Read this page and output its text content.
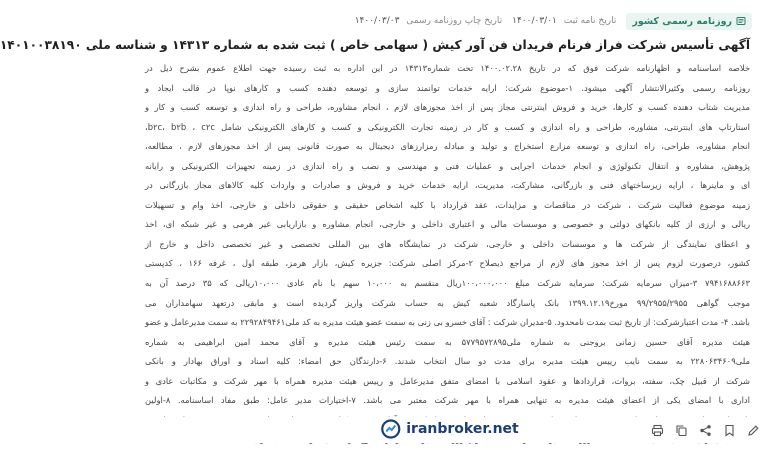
روزنامه رسمی کشور
تاریخ نامه ثبت ۱۴۰۰/۰۳/۰۱
تاریخ چاپ روزنامه رسمی ۱۴۰۰/۰۳/۰۳
آگهی تأسیس شرکت فراز فرنام فریدان فن آور کیش ( سهامی خاص ) ثبت شده به شماره ۱۴۳۱۳ و شناسه ملی ۱۴۰۱۰۰۳۸۱۹۰
خلاصه اساسنامه و اظهارنامه شرکت فوق که در تاریخ ۱۴۰۰.۰۲.۲۸ تحت شماره۱۴۳۱۳ در این اداره به ثبت رسیده جهت اطلاع عموم بشرح ذیل در
روزنامه رسمی وکثیرالانتشار آگهی میشود. ۱-موضوع شرکت: ارایه خدمات توانمند سازی و توسعه دهنده کسب و کارهای نوپا در قالب ایجاد و
مدیریت شتاب دهنده کسب و کارها، خرید و فروش اینترنتی مجاز پس از اخذ مجوزهای لازم ، انجام مشاوره، طراحی و راه اندازی و توسعه کسب و کار و
استارتاپ های اینترنتی، مشاوره، طراحی و راه اندازی و کسب و کار در زمینه تجارت الکترونیکی و کسب و کارهای الکترونیکی شامل b۲c، b۲b ، c۲c،
انجام مشاوره، طراحی، راه اندازی و توسعه مزارع استخراج و تولید و مبادله رمزارزهای دیجیتال به صورت قانونی پس از اخذ مجوزهای لازم ، مطالعه،
پژوهش، مشاوره و انتقال تکنولوژی و انجام خدمات اجرایی و عملیات فنی و مهندسی و نصب و راه اندازی در زمینه تجهیزات الکترونیکی و رایانه
ای و ماینرها ، ارایه زیرساختهای فنی و بازرگانی، مشارکت، مدیریت، ارایه خدمات خرید و فروش و صادرات و واردات کلیه کالاهای مجاز بازرگانی در
زمینه موضوع فعالیت شرکت ، شرکت در مناقصات و مزایدات، عقد قرارداد با کلیه اشخاص حقیقی و حقوقی داخلی و خارجی، اخذ وام و تسهیلات
ریالی و ارزی از کلیه بانکهای دولتی و خصوصی و موسسات مالی و اعتباری داخلی و خارجی، انجام مشاوره و بازاریابی غیر هرمی و غیر شبکه ای، اخذ
و اعطای نمایندگی از شرکت ها و موسسات داخلی و خارجی، شرکت در نمایشگاه های بین المللی تخصصی و غیر تخصصی داخل و خارج از
کشور، درصورت لزوم پس از اخذ مجوز های لازم از مراجع ذیصلاح ۲-مرکز اصلی شرکت: جزیره کیش، بازار هرمز، طبقه اول ، غرفه ۱۶۶ ، کدپستی
۷۹۴۱۶۸۸۶۶۳ ۳-میزان سرمایه شرکت: سرمایه شرکت مبلغ ۱۰۰،۰۰۰،۰۰۰ریال منقسم به ۱۰،۰۰۰ سهم با نام عادی ۱۰،۰۰۰ریالی که ۳۵ درصد آن به
موجب گواهی ۹۹/۲۹۵۵/۲۹۵۵ مورخ۱۳۹۹.۱۲.۱۹ بانک پاسارگاد شعبه کیش به حساب شرکت واریز گردیده است و مابقی درتعهد سهامداران می
باشد. ۴- مدت اعتبارشرکت: از تاریخ ثبت بمدت نامحدود. ۵-مدیران شرکت : آقای خسرو بی زنی به سمت عضو هیئت مدیره به کد ملی۲۲۹۲۸۴۹۴۶۱ به سمت مدیرعامل و عضو
هیئت مدیره آقای حسین زمانی بروجنی به شماره ملی۵۷۷۹۵۷۲۸۹۵ به سمت رئیس هیئت مدیره و آقای محمد امین ابراهیمی به شماره
ملی۲۲۸۰۶۳۴۶۰۹ به سمت نایب رییس هیئت مدیره برای مدت دو سال انتخاب شدند. ۶-دارندگان حق امضاء: کلیه اسناد و اوراق بهادار و بانکی
شرکت از قبیل چک، سفته، بروات، قراردادها و عقود اسلامی با امضای متفق مدیرعامل و رییس هیئت مدیره همراه با مهر شرکت و مکاتبات عادی و
اداری با امضای یکی از اعضای هیئت مدیره به تنهایی همراه با مهر شرکت معتبر می باشد. ۷-اختیارات مدیر عامل: طبق مفاد اساسنامه. ۸-اولین
iranbroker.net
